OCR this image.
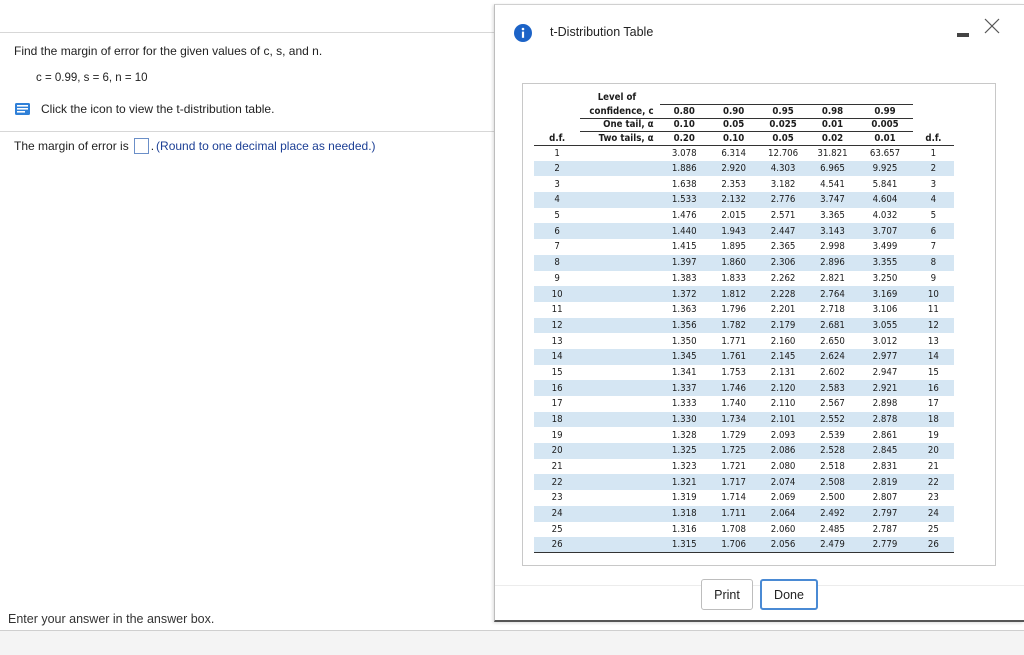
Find the margin of error for the given values of c, s, and n.
c = 0.99, s = 6, n = 10
Click the icon to view the t-distribution table.
The margin of error is . (Round to one decimal place as needed.)
Enter your answer in the answer box.
t-Distribution Table
	Level of						
	confidence, c	0.80	0.90	0.95	0.98	0.99	
	One tail, α	0.10	0.05	0.025	0.01	0.005	
d.f.	Two tails, α	0.20	0.10	0.05	0.02	0.01	d.f.
1		3.078	6.314	12.706	31.821	63.657	1
2		1.886	2.920	4.303	6.965	9.925	2
3		1.638	2.353	3.182	4.541	5.841	3
4		1.533	2.132	2.776	3.747	4.604	4
5		1.476	2.015	2.571	3.365	4.032	5
6		1.440	1.943	2.447	3.143	3.707	6
7		1.415	1.895	2.365	2.998	3.499	7
8		1.397	1.860	2.306	2.896	3.355	8
9		1.383	1.833	2.262	2.821	3.250	9
10		1.372	1.812	2.228	2.764	3.169	10
11		1.363	1.796	2.201	2.718	3.106	11
12		1.356	1.782	2.179	2.681	3.055	12
13		1.350	1.771	2.160	2.650	3.012	13
14		1.345	1.761	2.145	2.624	2.977	14
15		1.341	1.753	2.131	2.602	2.947	15
16		1.337	1.746	2.120	2.583	2.921	16
17		1.333	1.740	2.110	2.567	2.898	17
18		1.330	1.734	2.101	2.552	2.878	18
19		1.328	1.729	2.093	2.539	2.861	19
20		1.325	1.725	2.086	2.528	2.845	20
21		1.323	1.721	2.080	2.518	2.831	21
22		1.321	1.717	2.074	2.508	2.819	22
23		1.319	1.714	2.069	2.500	2.807	23
24		1.318	1.711	2.064	2.492	2.797	24
25		1.316	1.708	2.060	2.485	2.787	25
26		1.315	1.706	2.056	2.479	2.779	26
Print	Done
